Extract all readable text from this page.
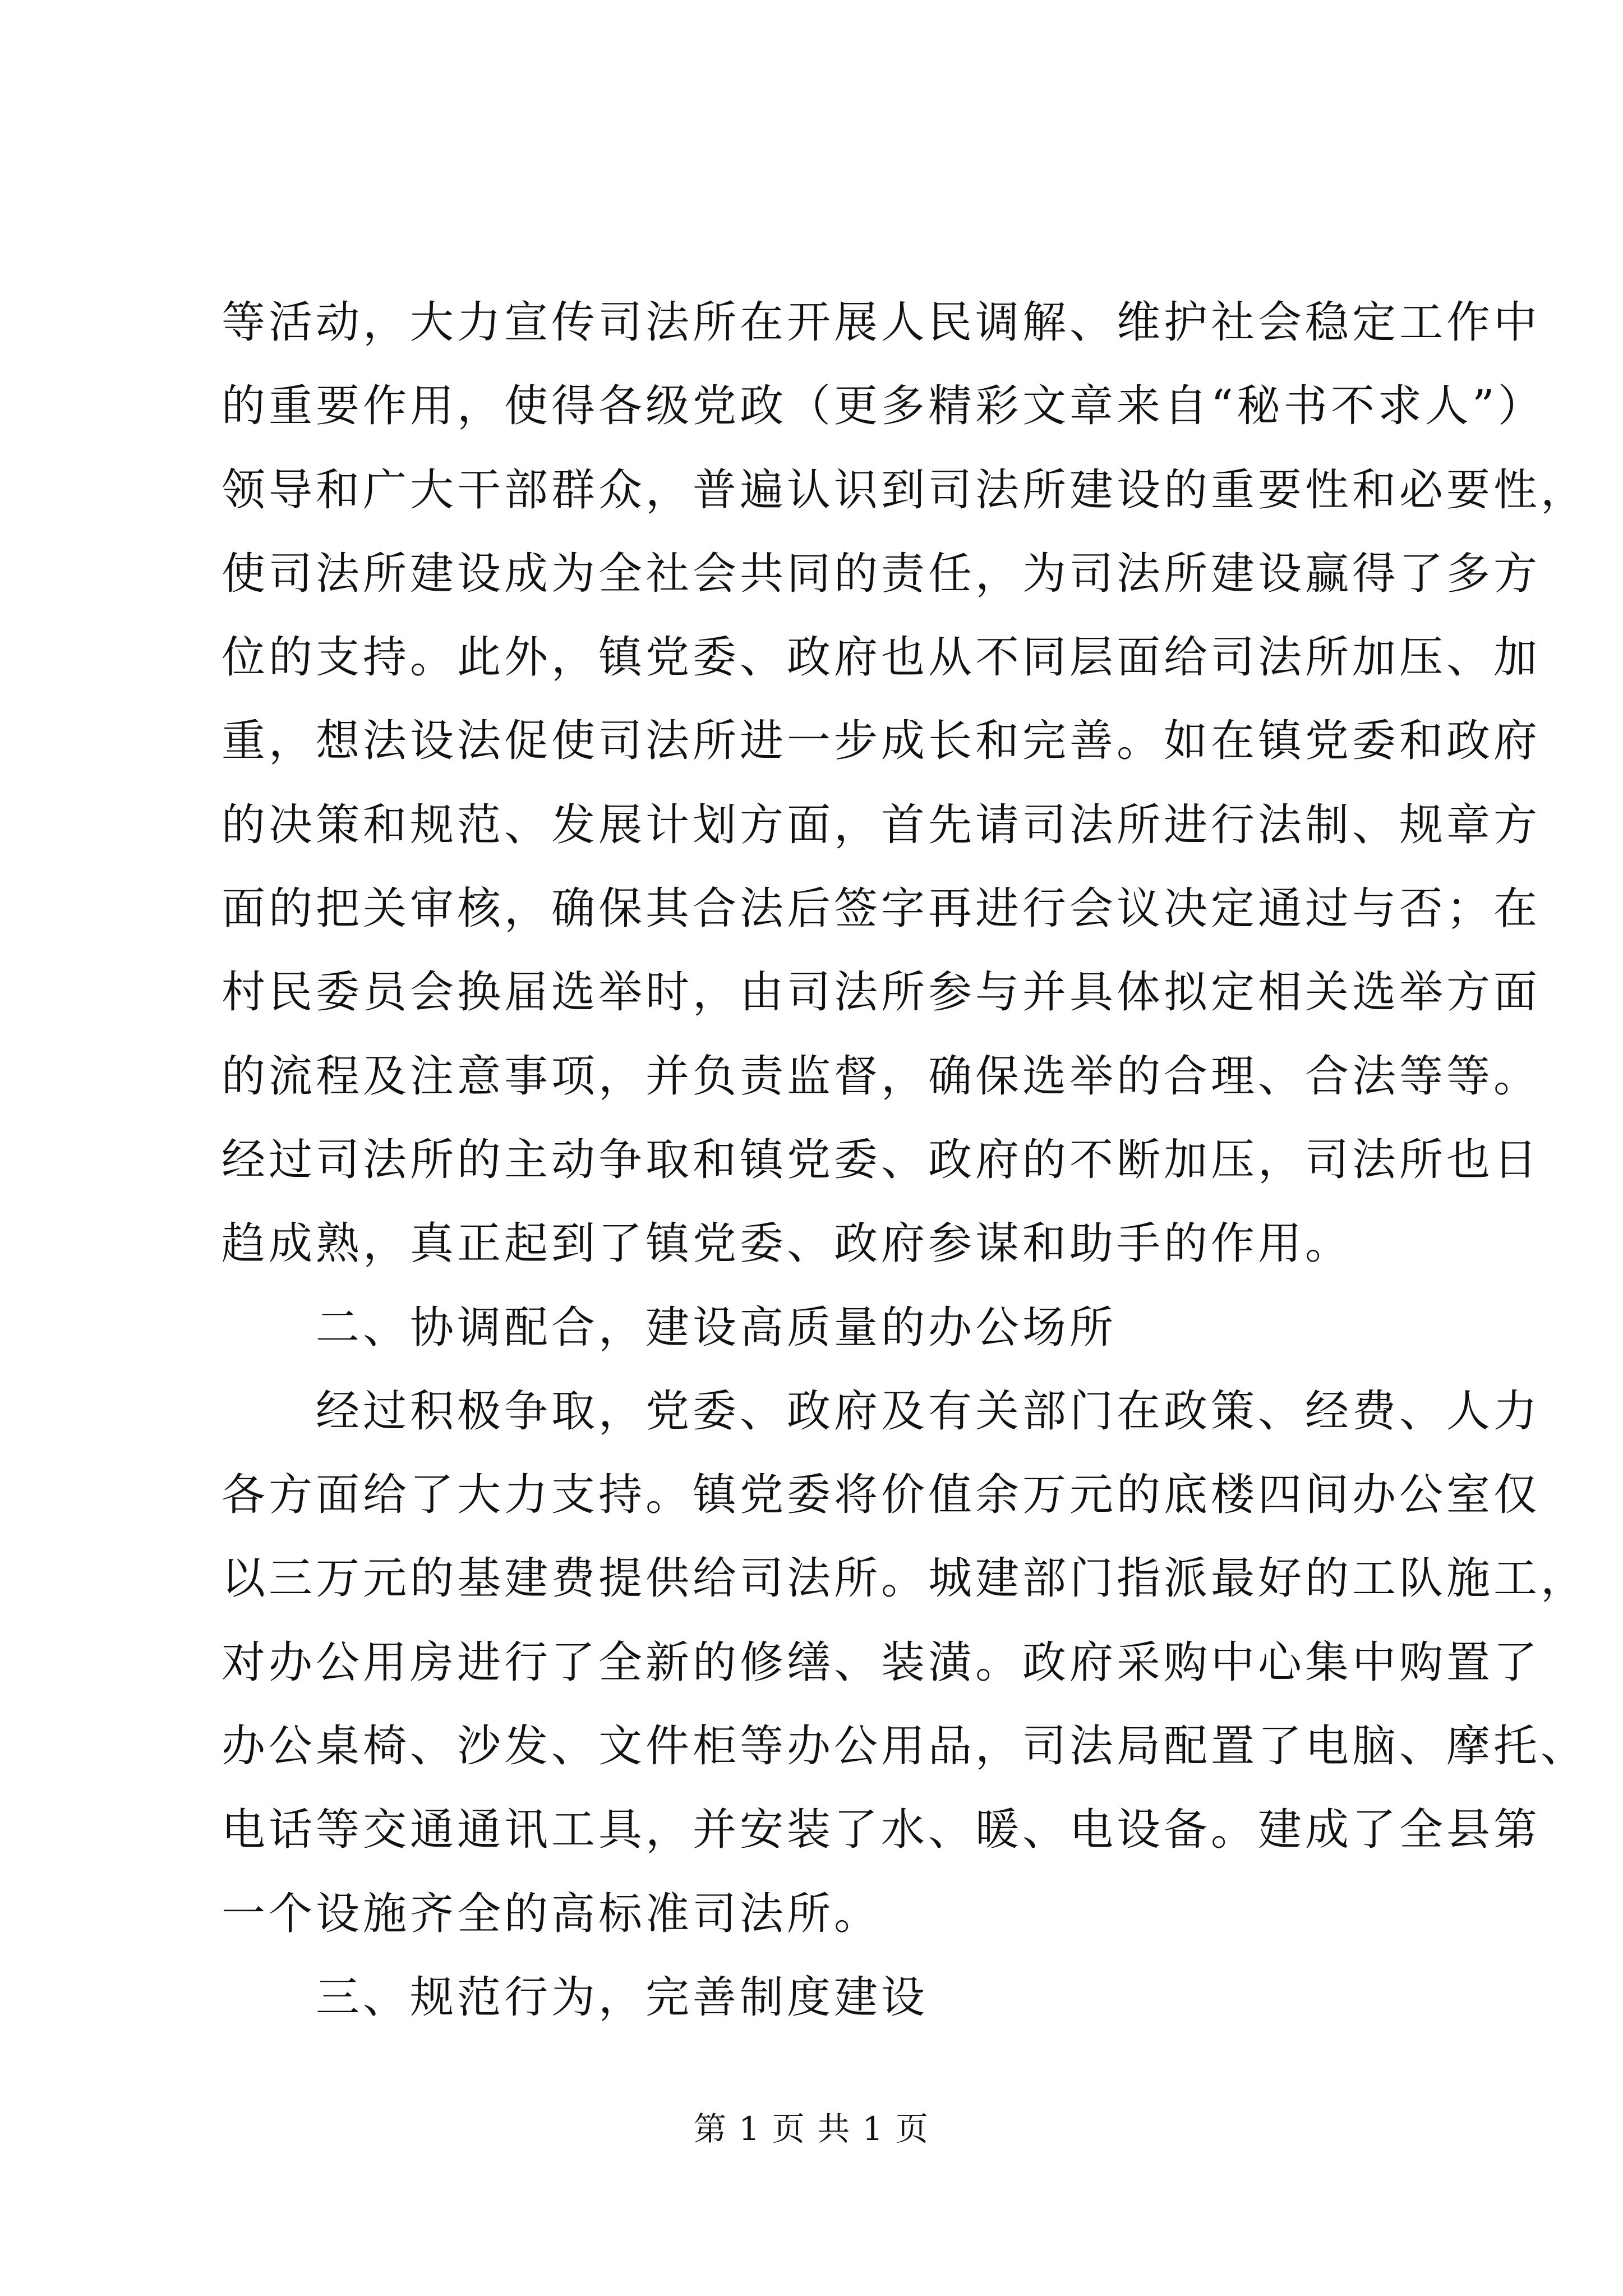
等活动，大力宣传司法所在开展人民调解、维护社会稳定工作中
的重要作用，使得各级党政（更多精彩文章来自“秘书不求人”）
领导和广大干部群众，普遍认识到司法所建设的重要性和必要性，
使司法所建设成为全社会共同的责任，为司法所建设赢得了多方
位的支持。此外，镇党委、政府也从不同层面给司法所加压、加
重，想法设法促使司法所进一步成长和完善。如在镇党委和政府
的决策和规范、发展计划方面，首先请司法所进行法制、规章方
面的把关审核，确保其合法后签字再进行会议决定通过与否；在
村民委员会换届选举时，由司法所参与并具体拟定相关选举方面
的流程及注意事项，并负责监督，确保选举的合理、合法等等。
经过司法所的主动争取和镇党委、政府的不断加压，司法所也日
趋成熟，真正起到了镇党委、政府参谋和助手的作用。
　　二、协调配合，建设高质量的办公场所
　　经过积极争取，党委、政府及有关部门在政策、经费、人力
各方面给了大力支持。镇党委将价值余万元的底楼四间办公室仅
以三万元的基建费提供给司法所。城建部门指派最好的工队施工，
对办公用房进行了全新的修缮、装潢。政府采购中心集中购置了
办公桌椅、沙发、文件柜等办公用品，司法局配置了电脑、摩托、
电话等交通通讯工具，并安装了水、暖、电设备。建成了全县第
一个设施齐全的高标准司法所。
　　三、规范行为，完善制度建设
第 1 页 共 1 页
